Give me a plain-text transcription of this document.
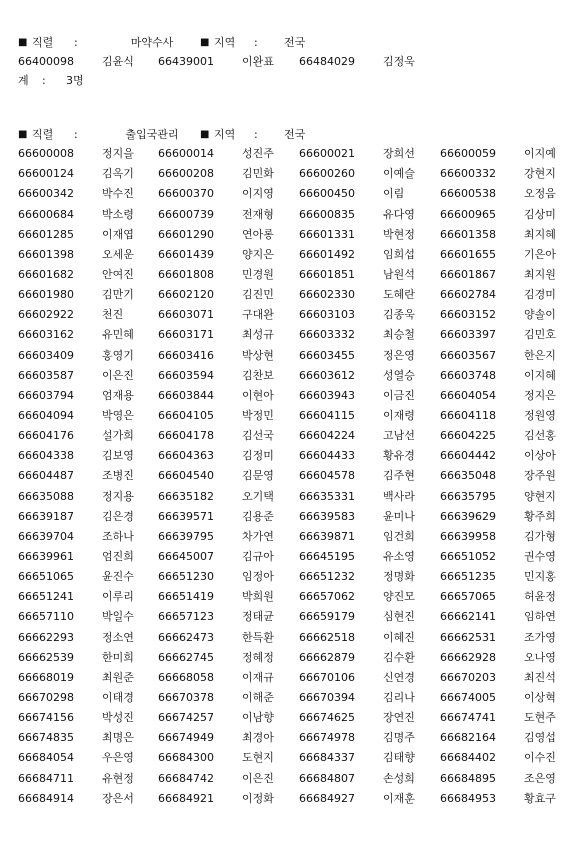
■ 직렬	:	마약수사	■ 지역	:	전국
66400098	김윤식	66439001	이완표	66484029	김정욱
계	:	3명
■ 직렬	:	출입국관리	■ 지역	:	전국
66600008	정지을	66600014	성진주	66600021	장희선	66600059	이지예
66600124	김옥기	66600208	김민화	66600260	이예슬	66600332	강현지
66600342	박수진	66600370	이지영	66600450	이림	66600538	오정음
66600684	박소령	66600739	전재형	66600835	유다영	66600965	김상미
66601285	이재엽	66601290	연아롱	66601331	박현정	66601358	최지혜
66601398	오세운	66601439	양지은	66601492	임희섭	66601655	기은아
66601682	안여진	66601808	민경원	66601851	남원석	66601867	최지원
66601980	김만기	66602120	김진민	66602330	도혜란	66602784	김경미
66602922	천진	66603071	구대완	66603103	김종욱	66603152	양솔이
66603162	유민혜	66603171	최성규	66603332	최승철	66603397	김민호
66603409	홍영기	66603416	박상현	66603455	정은영	66603567	한은지
66603587	이은진	66603594	김찬보	66603612	성열승	66603748	이지혜
66603794	엄재용	66603844	이현아	66603943	이금진	66604054	정지은
66604094	박영은	66604105	박정민	66604115	이재령	66604118	정원영
66604176	설가희	66604178	김선국	66604224	고남선	66604225	김선홍
66604338	김보영	66604363	김정미	66604433	황유경	66604442	이상아
66604487	조병진	66604540	김문영	66604578	김주현	66635048	장주원
66635088	정지용	66635182	오기택	66635331	백사라	66635795	양현지
66639187	김은경	66639571	김용준	66639583	윤미나	66639629	황주희
66639704	조하나	66639795	차가연	66639871	임건희	66639958	김가형
66639961	엄진희	66645007	김규아	66645195	유소영	66651052	권수영
66651065	윤진수	66651230	임정아	66651232	정명화	66651235	민지홍
66651241	이루리	66651419	박희원	66657062	양진모	66657065	허윤정
66657110	박일수	66657123	정태균	66659179	심현진	66662141	임하연
66662293	정소연	66662473	한득환	66662518	이혜진	66662531	조가영
66662539	한미희	66662745	정혜정	66662879	김수환	66662928	오나영
66668019	최원준	66668058	이재규	66670106	신연경	66670203	최진석
66670298	이태경	66670378	이해준	66670394	김리나	66674005	이상혁
66674156	박성진	66674257	이남향	66674625	장연진	66674741	도현주
66674835	최명은	66674949	최경아	66674978	김명주	66682164	김영섭
66684054	우은영	66684300	도현지	66684337	김태향	66684402	이수진
66684711	유현정	66684742	이은진	66684807	손성희	66684895	조은영
66684914	장은서	66684921	이정화	66684927	이재훈	66684953	황효구
